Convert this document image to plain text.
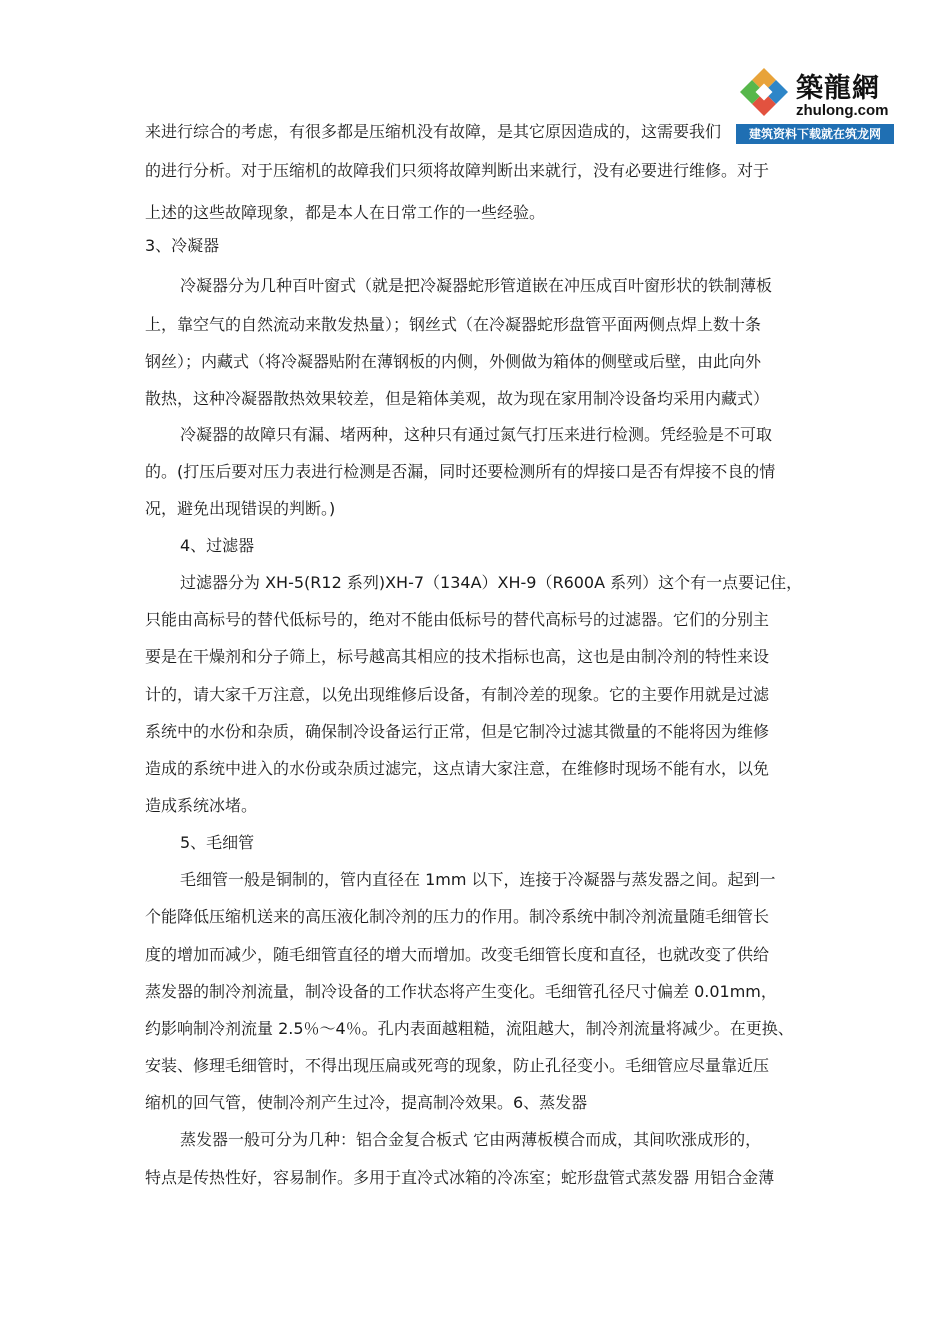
築龍網
zhulong.com
建筑资料下载就在筑龙网
来进行综合的考虑，有很多都是压缩机没有故障，是其它原因造成的，这需要我们
的进行分析。对于压缩机的故障我们只须将故障判断出来就行，没有必要进行维修。对于
上述的这些故障现象，都是本人在日常工作的一些经验。
3、冷凝器
冷凝器分为几种百叶窗式（就是把冷凝器蛇形管道嵌在冲压成百叶窗形状的铁制薄板
上，靠空气的自然流动来散发热量）；钢丝式（在冷凝器蛇形盘管平面两侧点焊上数十条
钢丝）；内藏式（将冷凝器贴附在薄钢板的内侧，外侧做为箱体的侧壁或后壁，由此向外
散热，这种冷凝器散热效果较差，但是箱体美观，故为现在家用制冷设备均采用内藏式）
冷凝器的故障只有漏、堵两种，这种只有通过氮气打压来进行检测。凭经验是不可取
的。(打压后要对压力表进行检测是否漏，同时还要检测所有的焊接口是否有焊接不良的情
况，避免出现错误的判断。)
4、过滤器
过滤器分为 XH-5(R12 系列)XH-7（134A）XH-9（R600A 系列）这个有一点要记住，
只能由高标号的替代低标号的，绝对不能由低标号的替代高标号的过滤器。它们的分别主
要是在干燥剂和分子筛上，标号越高其相应的技术指标也高，这也是由制冷剂的特性来设
计的，请大家千万注意，以免出现维修后设备，有制冷差的现象。它的主要作用就是过滤
系统中的水份和杂质，确保制冷设备运行正常，但是它制冷过滤其微量的不能将因为维修
造成的系统中进入的水份或杂质过滤完，这点请大家注意，在维修时现场不能有水，以免
造成系统冰堵。
5、毛细管
毛细管一般是铜制的，管内直径在 1mm 以下，连接于冷凝器与蒸发器之间。起到一
个能降低压缩机送来的高压液化制冷剂的压力的作用。制冷系统中制冷剂流量随毛细管长
度的增加而减少，随毛细管直径的增大而增加。改变毛细管长度和直径，也就改变了供给
蒸发器的制冷剂流量，制冷设备的工作状态将产生变化。毛细管孔径尺寸偏差 0.01mm，
约影响制冷剂流量 2.5％～4％。孔内表面越粗糙，流阻越大，制冷剂流量将减少。在更换、
安装、修理毛细管时，不得出现压扁或死弯的现象，防止孔径变小。毛细管应尽量靠近压
缩机的回气管，使制冷剂产生过冷，提高制冷效果。6、蒸发器
蒸发器一般可分为几种：铝合金复合板式 它由两薄板模合而成，其间吹涨成形的，
特点是传热性好，容易制作。多用于直冷式冰箱的冷冻室；蛇形盘管式蒸发器 用铝合金薄
